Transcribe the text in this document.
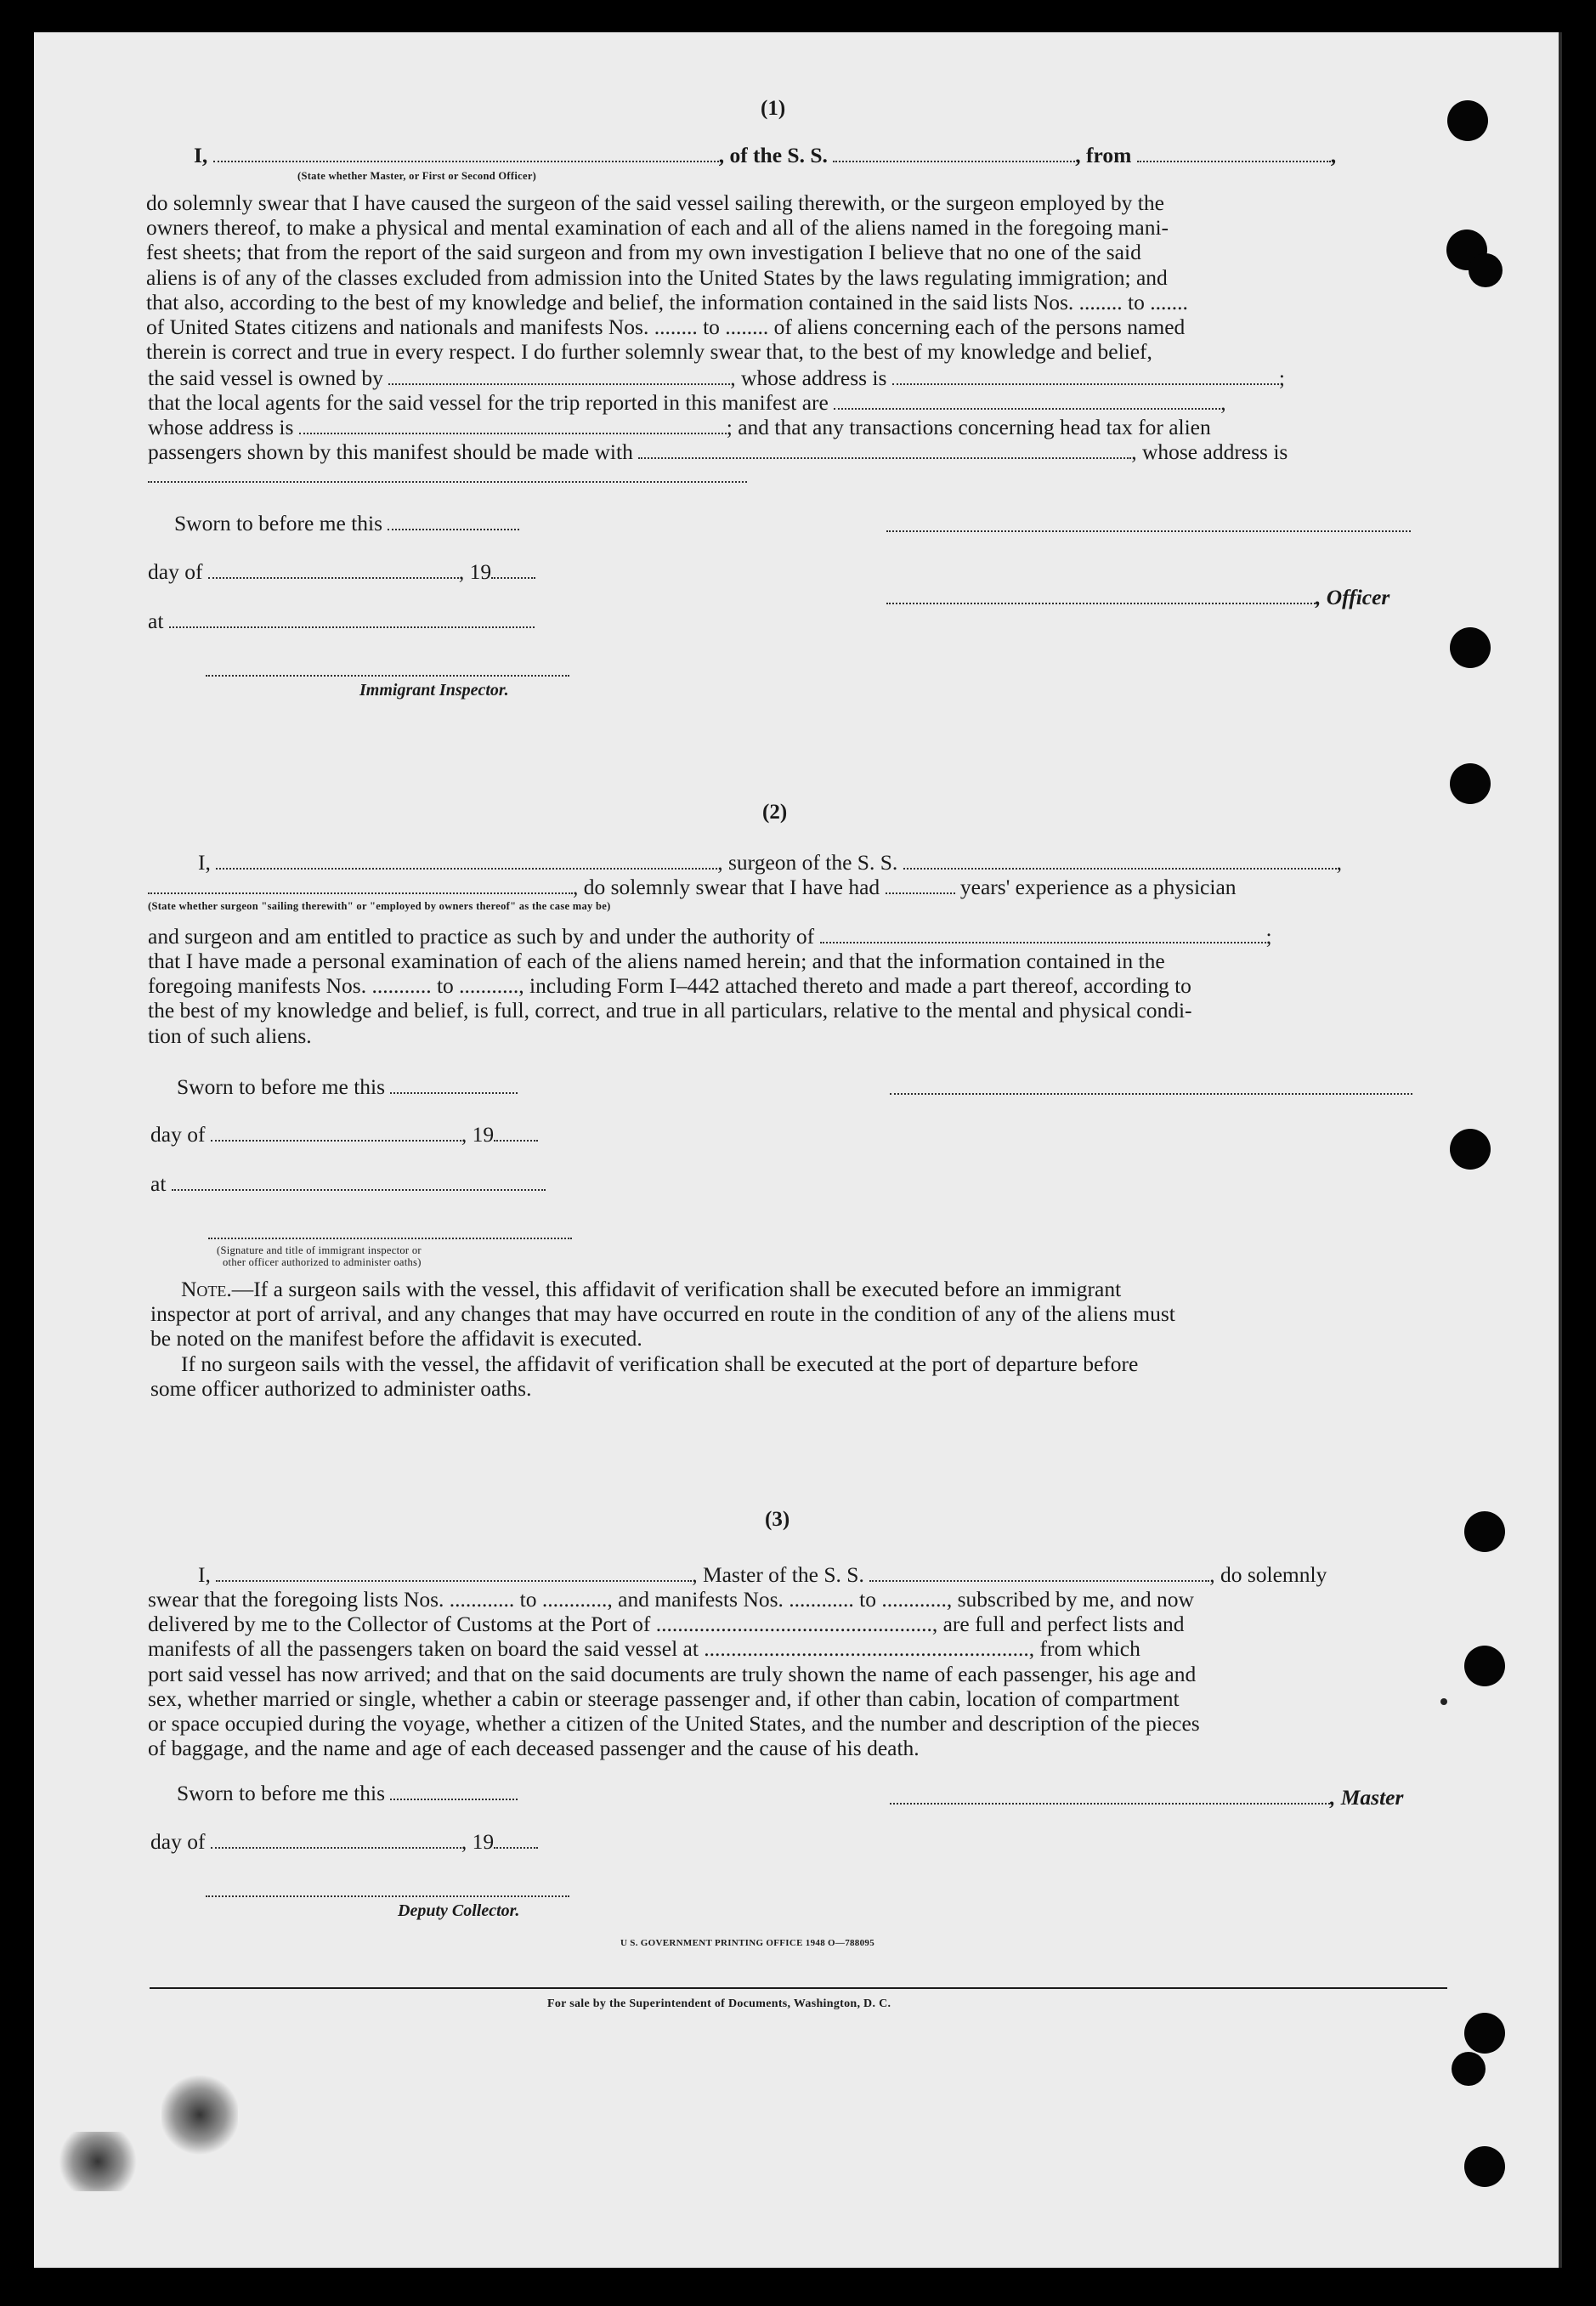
(1)
I,	, of the S. S.	, from	,
(State whether Master, or First or Second Officer)
do solemnly swear that I have caused the surgeon of the said vessel sailing therewith, or the surgeon employed by the
owners thereof, to make a physical and mental examination of each and all of the aliens named in the foregoing mani-
fest sheets; that from the report of the said surgeon and from my own investigation I believe that no one of the said
aliens is of any of the classes excluded from admission into the United States by the laws regulating immigration; and
that also, according to the best of my knowledge and belief, the information contained in the said lists Nos. ........ to .......
of United States citizens and nationals and manifests Nos. ........ to ........ of aliens concerning each of the persons named
therein is correct and true in every respect. I do further solemnly swear that, to the best of my knowledge and belief,
the said vessel is owned by	, whose address is	;
that the local agents for the said vessel for the trip reported in this manifest are	,
whose address is	; and that any transactions concerning head tax for alien
passengers shown by this manifest should be made with	, whose address is
Sworn to before me this
day of	, 19
, Officer
at
Immigrant Inspector.
(2)
I,	, surgeon of the S. S.	,
, do solemnly swear that I have had	years' experience as a physician
(State whether surgeon "sailing therewith" or "employed by owners thereof" as the case may be)
and surgeon and am entitled to practice as such by and under the authority of	;
that I have made a personal examination of each of the aliens named herein; and that the information contained in the
foregoing manifests Nos. ........... to ..........., including Form I–442 attached thereto and made a part thereof, according to
the best of my knowledge and belief, is full, correct, and true in all particulars, relative to the mental and physical condi-
tion of such aliens.
Sworn to before me this
day of	, 19
at
(Signature and title of immigrant inspector or
other officer authorized to administer oaths)
Note.—If a surgeon sails with the vessel, this affidavit of verification shall be executed before an immigrant
inspector at port of arrival, and any changes that may have occurred en route in the condition of any of the aliens must
be noted on the manifest before the affidavit is executed.
If no surgeon sails with the vessel, the affidavit of verification shall be executed at the port of departure before
some officer authorized to administer oaths.
(3)
I,	, Master of the S. S.	, do solemnly
swear that the foregoing lists Nos. ............ to ............, and manifests Nos. ............ to ............, subscribed by me, and now
delivered by me to the Collector of Customs at the Port of ..................................................., are full and perfect lists and
manifests of all the passengers taken on board the said vessel at ............................................................, from which
port said vessel has now arrived; and that on the said documents are truly shown the name of each passenger, his age and
sex, whether married or single, whether a cabin or steerage passenger and, if other than cabin, location of compartment
or space occupied during the voyage, whether a citizen of the United States, and the number and description of the pieces
of baggage, and the name and age of each deceased passenger and the cause of his death.
Sworn to before me this	, Master
day of	, 19
Deputy Collector.
U S. GOVERNMENT PRINTING OFFICE 1948 O—788095
For sale by the Superintendent of Documents, Washington, D. C.
